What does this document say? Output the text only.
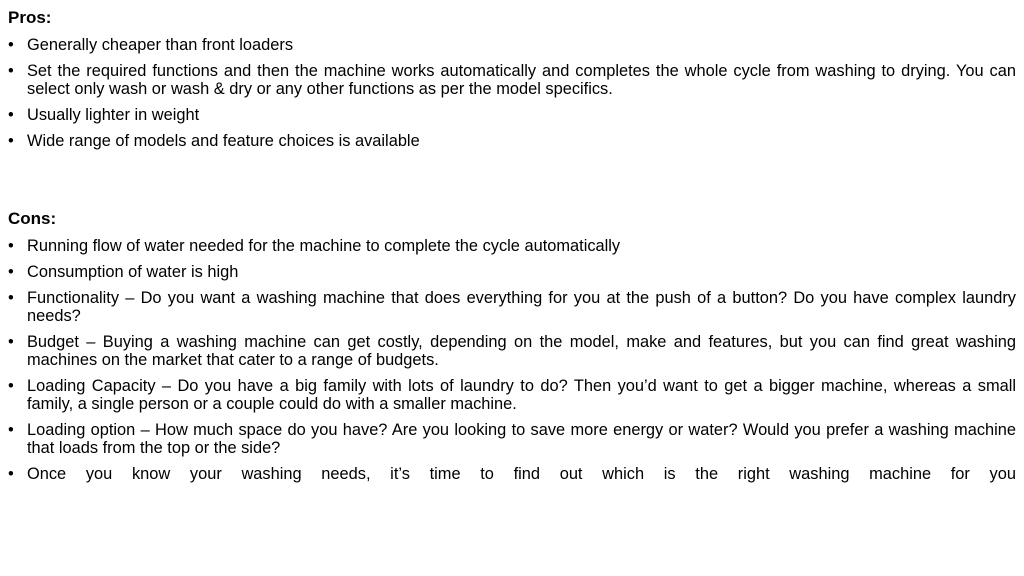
Pros:

• Generally cheaper than front loaders
• Set the required functions and then the machine works automatically and completes the whole cycle from washing to drying. You can select only wash or wash & dry or any other functions as per the model specifics.
• Usually lighter in weight
• Wide range of models and feature choices is available

Cons:

• Running flow of water needed for the machine to complete the cycle automatically
• Consumption of water is high
• Functionality – Do you want a washing machine that does everything for you at the push of a button? Do you have complex laundry needs?
• Budget – Buying a washing machine can get costly, depending on the model, make and features, but you can find great washing machines on the market that cater to a range of budgets.
• Loading Capacity – Do you have a big family with lots of laundry to do? Then you’d want to get a bigger machine, whereas a small family, a single person or a couple could do with a smaller machine.
• Loading option – How much space do you have? Are you looking to save more energy or water? Would you prefer a washing machine that loads from the top or the side?
• Once you know your washing needs, it’s time to find out which is the right washing machine for you
